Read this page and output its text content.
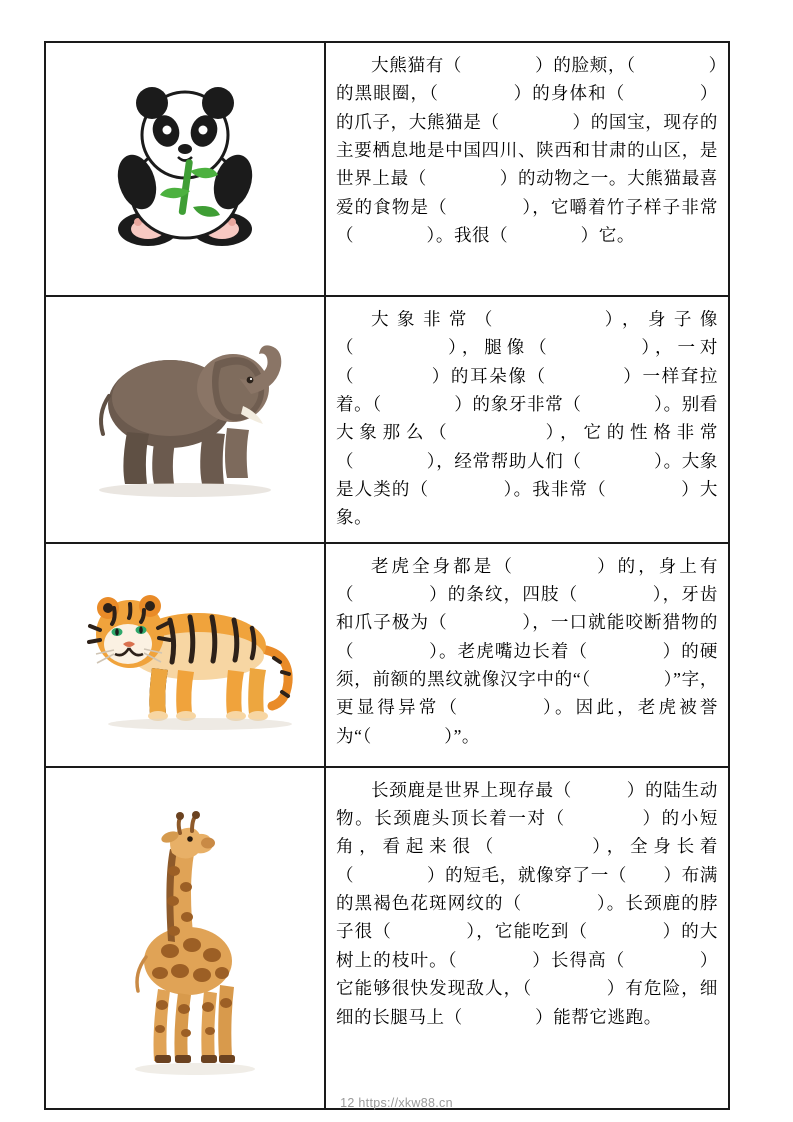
大熊猫有（　　　　）的脸颊，（　　　　）的黑眼圈，（　　　　）的身体和（　　　　）的爪子，大熊猫是（　　　　）的国宝，现存的主要栖息地是中国四川、陕西和甘肃的山区，是世界上最（　　　　）的动物之一。大熊猫最喜爱的食物是（　　　　），它嚼着竹子样子非常（　　　　）。我很（　　　　）它。

大象非常（　　　　），身子像（　　　　），腿像（　　　　），一对（　　　　）的耳朵像（　　　　）一样耷拉着。（　　　　）的象牙非常（　　　　）。别看大象那么（　　　　），它的性格非常（　　　　），经常帮助人们（　　　　）。大象是人类的（　　　　）。我非常（　　　　）大象。

老虎全身都是（　　　　）的，身上有（　　　　）的条纹，四肢（　　　　），牙齿和爪子极为（　　　　），一口就能咬断猎物的（　　　　）。老虎嘴边长着（　　　　）的硬须，前额的黑纹就像汉字中的“（　　　　）”字，更显得异常（　　　　）。因此，老虎被誉为“（　　　　）”。

长颈鹿是世界上现存最（　　　）的陆生动物。长颈鹿头顶长着一对（　　　　）的小短角，看起来很（　　　　），全身长着（　　　　）的短毛，就像穿了一（　　）布满的黑褐色花斑网纹的（　　　　）。长颈鹿的脖子很（　　　　），它能吃到（　　　　）的大树上的枝叶。（　　　　）长得高（　　　　）它能够很快发现敌人，（　　　　）有危险，细细的长腿马上（　　　　）能帮它逃跑。

12 https://xkw88.cn
